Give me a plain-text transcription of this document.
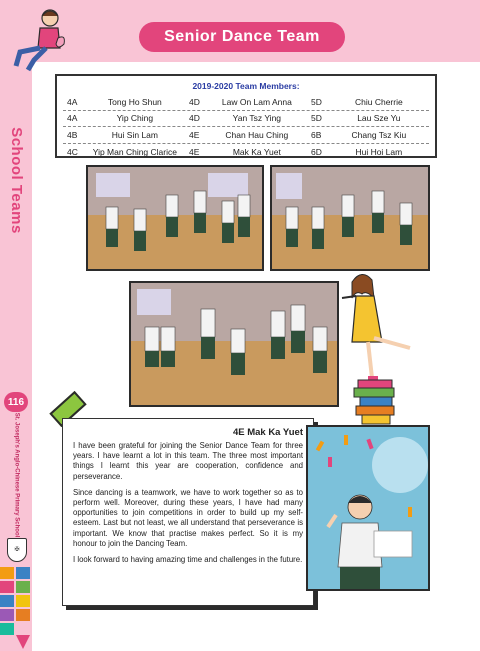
School Teams
116
St. Joseph's Anglo-Chinese Primary School
✠
Senior Dance Team
2019-2020 Team Members:
4A	Tong Ho Shun	4D	Law On Lam Anna	5D	Chiu Cherrie
4A	Yip Ching	4D	Yan Tsz Ying	5D	Lau Sze Yu
4B	Hui Sin Lam	4E	Chan Hau Ching	6B	Chang Tsz Kiu
4C	Yip Man Ching Clarice	4E	Mak Ka Yuet	6D	Hui Hoi Lam
4E Mak Ka Yuet

I have been grateful for joining the Senior Dance Team for three years. I have learnt a lot in this team. The three most important things I learnt this year are cooperation, confidence and perseverance.

Since dancing is a teamwork, we have to work together so as to perform well. Moreover, during these years, I have had many opportunities to join competitions in order to build up my self-esteem. Last but not least, we all understand that perseverance is important. We know that practise makes perfect. So it is my honour to join the Dancing Team.

I look forward to having amazing time and challenges in the future.
